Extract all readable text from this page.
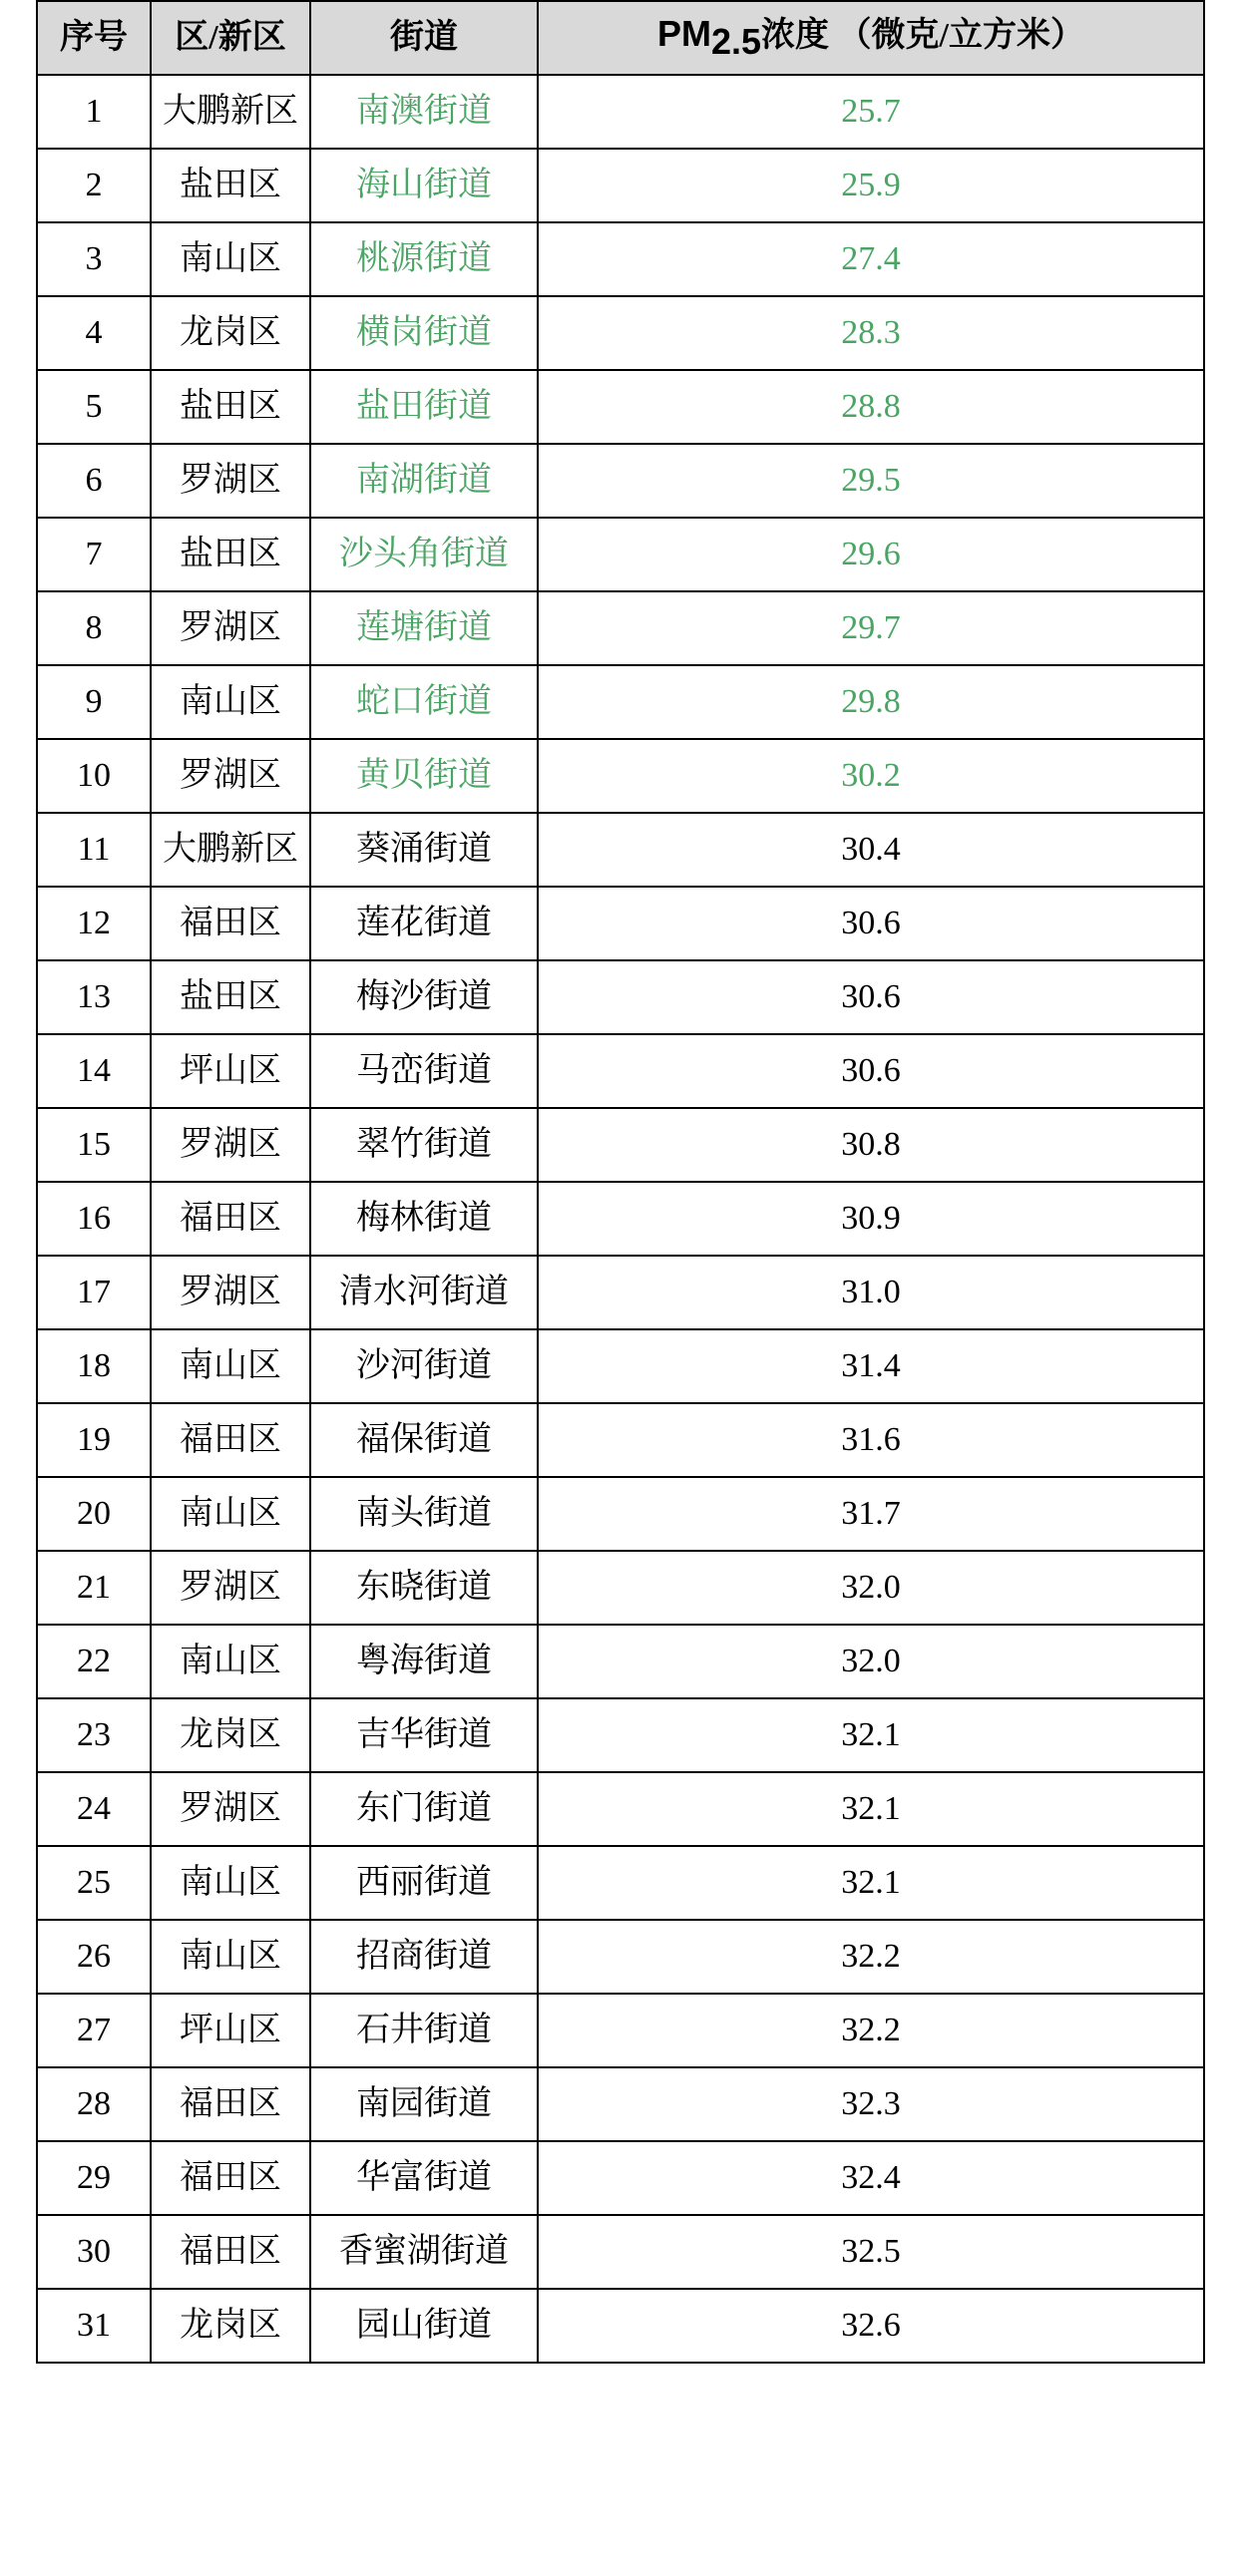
序号	区/新区	街道	PM2.5浓度 （微克/立方米）
1	大鹏新区	南澳街道	25.7
2	盐田区	海山街道	25.9
3	南山区	桃源街道	27.4
4	龙岗区	横岗街道	28.3
5	盐田区	盐田街道	28.8
6	罗湖区	南湖街道	29.5
7	盐田区	沙头角街道	29.6
8	罗湖区	莲塘街道	29.7
9	南山区	蛇口街道	29.8
10	罗湖区	黄贝街道	30.2
11	大鹏新区	葵涌街道	30.4
12	福田区	莲花街道	30.6
13	盐田区	梅沙街道	30.6
14	坪山区	马峦街道	30.6
15	罗湖区	翠竹街道	30.8
16	福田区	梅林街道	30.9
17	罗湖区	清水河街道	31.0
18	南山区	沙河街道	31.4
19	福田区	福保街道	31.6
20	南山区	南头街道	31.7
21	罗湖区	东晓街道	32.0
22	南山区	粤海街道	32.0
23	龙岗区	吉华街道	32.1
24	罗湖区	东门街道	32.1
25	南山区	西丽街道	32.1
26	南山区	招商街道	32.2
27	坪山区	石井街道	32.2
28	福田区	南园街道	32.3
29	福田区	华富街道	32.4
30	福田区	香蜜湖街道	32.5
31	龙岗区	园山街道	32.6
